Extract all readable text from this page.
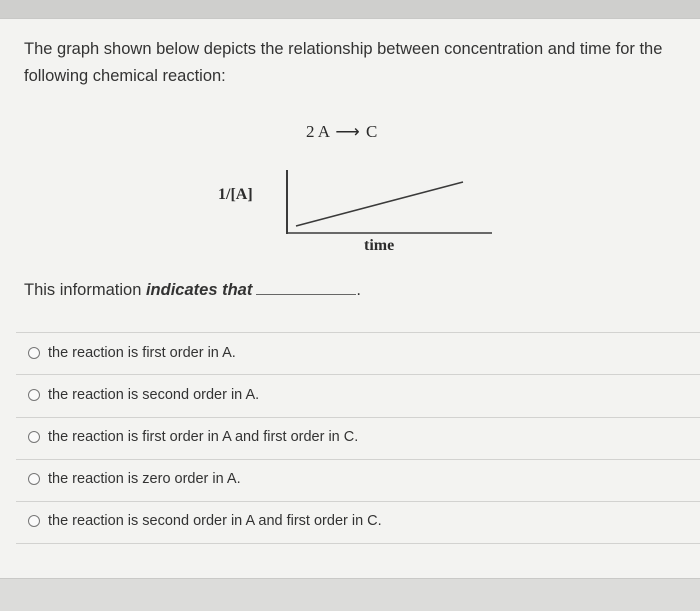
The graph shown below depicts the relationship between concentration and time for the following chemical reaction:
2 A ⟶ C
1/[A]
time
This information indicates that	.
the reaction is first order in A.
the reaction is second order in A.
the reaction is first order in A and first order in C.
the reaction is zero order in A.
the reaction is second order in A and first order in C.
